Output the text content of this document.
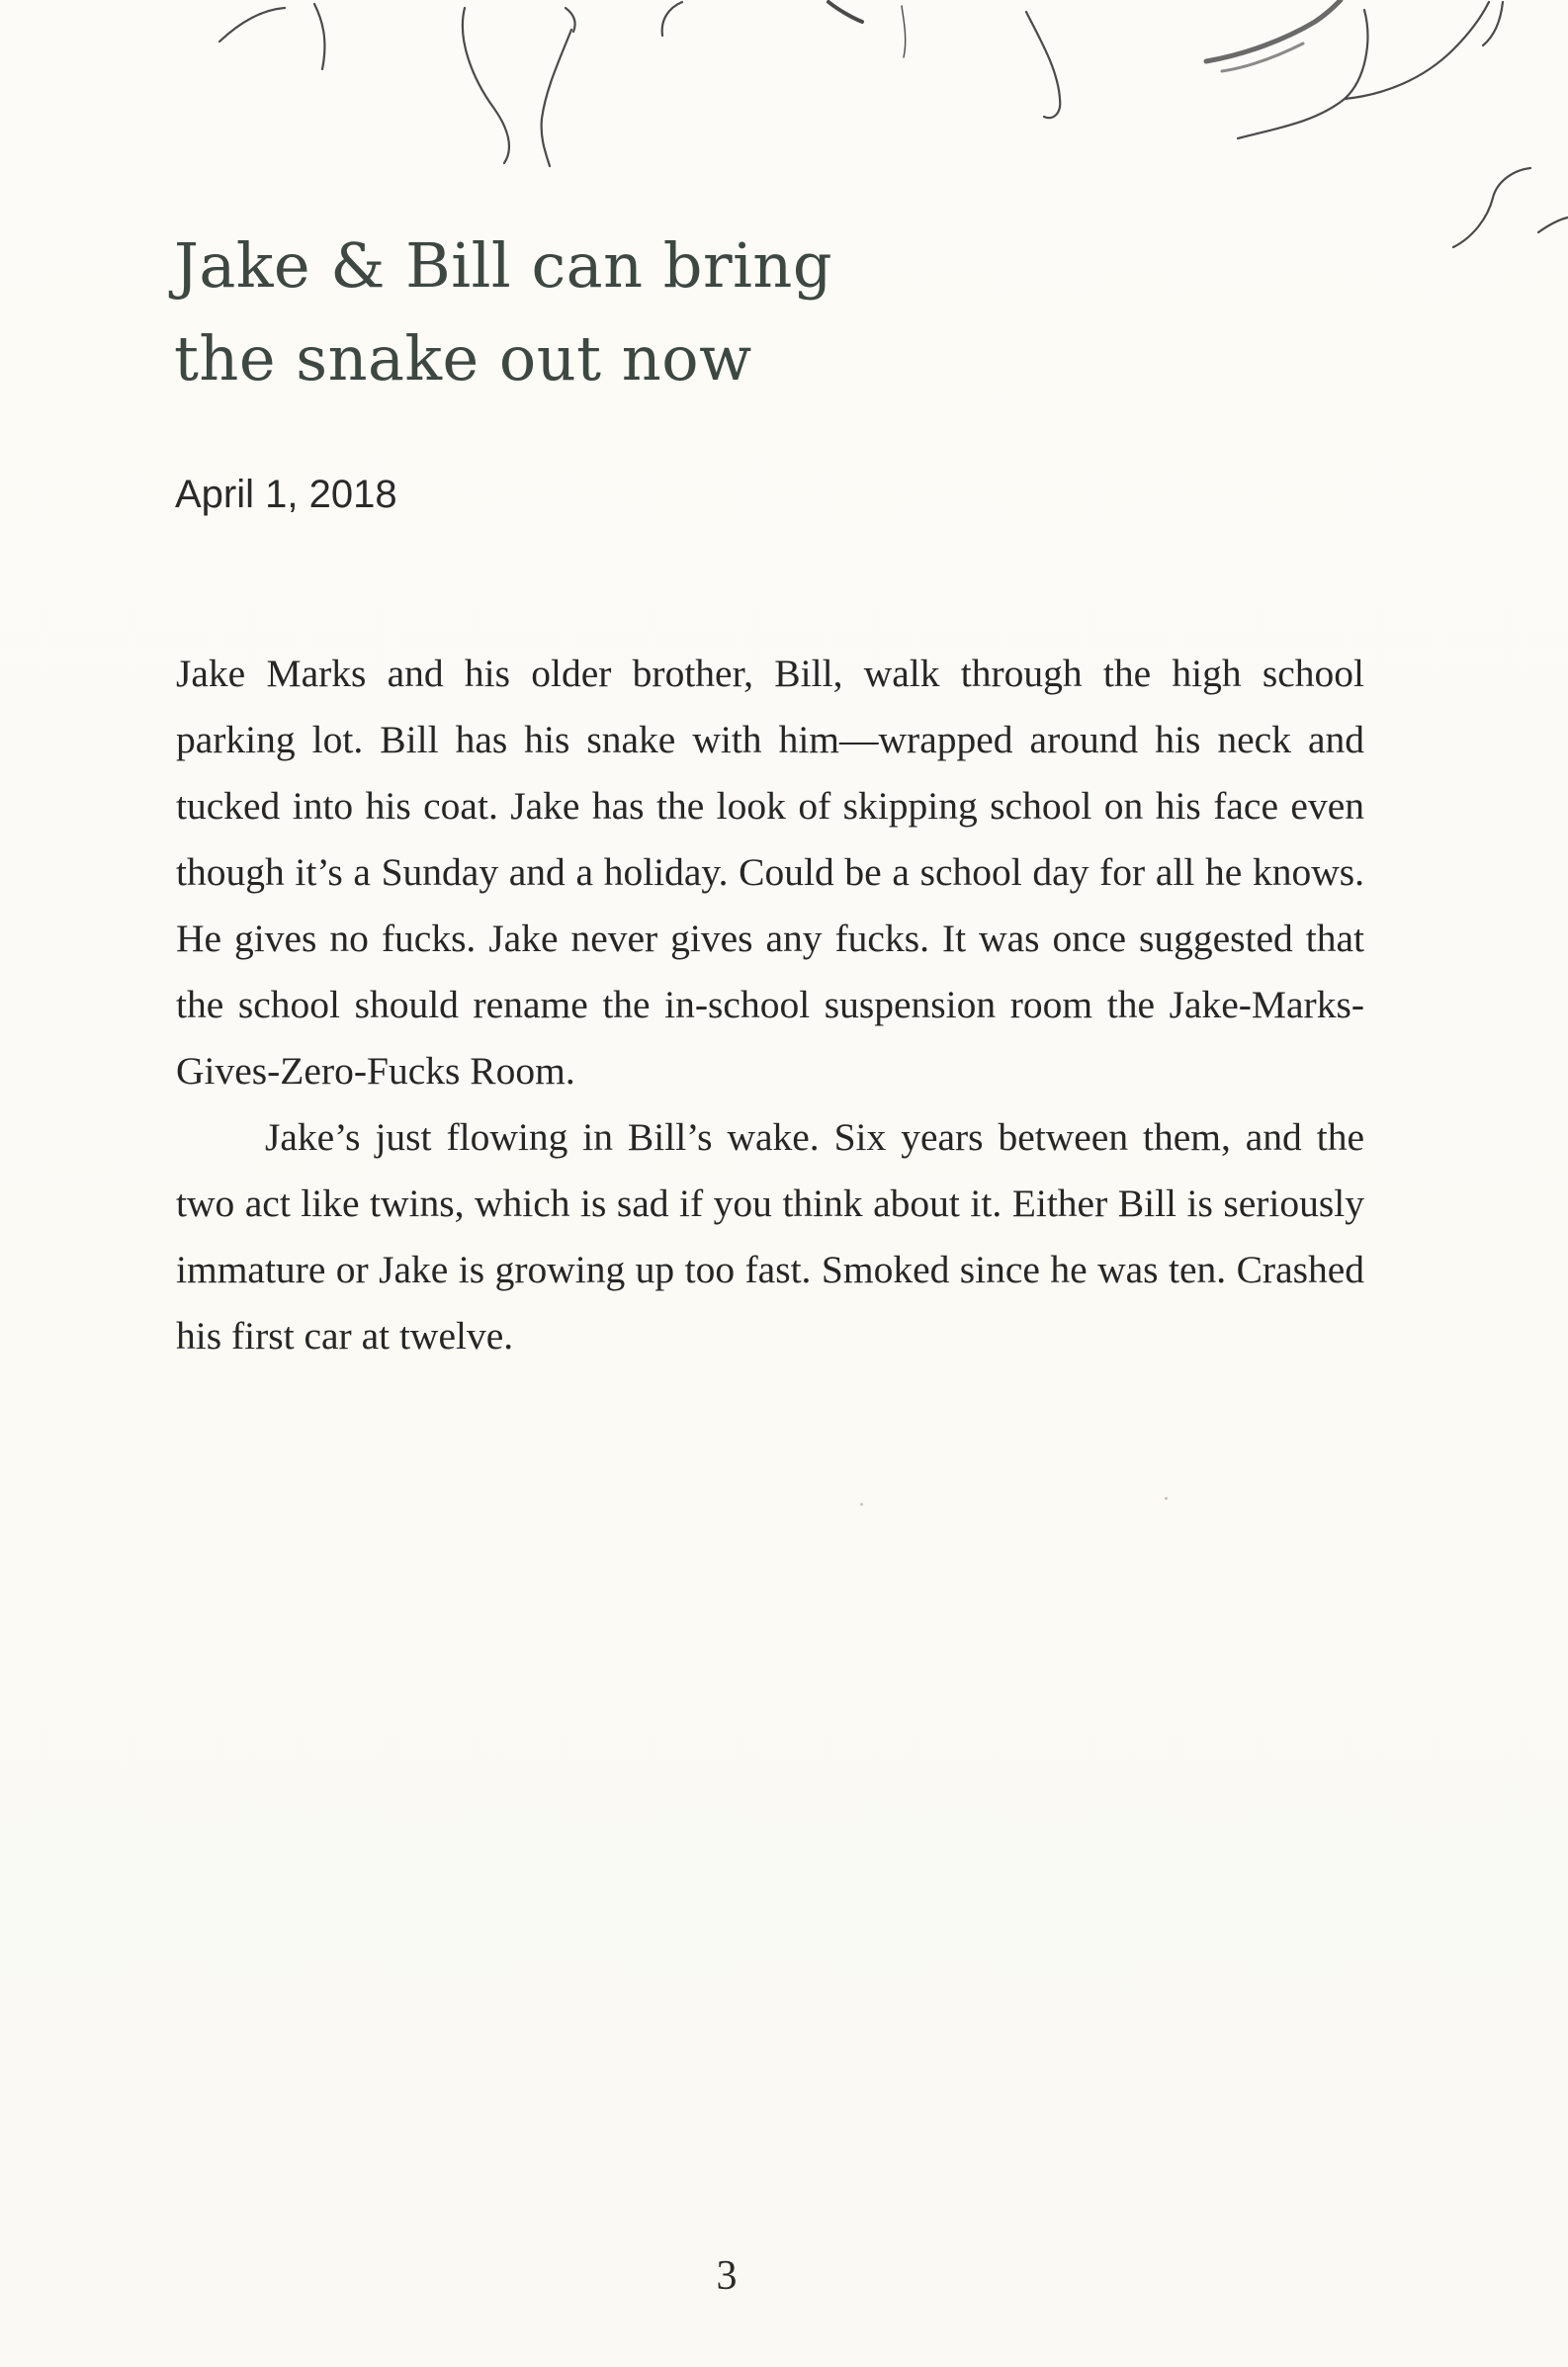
Jake & Bill can bring
the snake out now

April 1, 2018

Jake Marks and his older brother, Bill, walk through the high school parking lot. Bill has his snake with him—wrapped around his neck and tucked into his coat. Jake has the look of skipping school on his face even though it’s a Sunday and a holiday. Could be a school day for all he knows. He gives no fucks. Jake never gives any fucks. It was once suggested that the school should rename the in-school suspension room the Jake-Marks-Gives-Zero-Fucks Room.

Jake’s just flowing in Bill’s wake. Six years between them, and the two act like twins, which is sad if you think about it. Either Bill is seriously immature or Jake is growing up too fast. Smoked since he was ten. Crashed his first car at twelve.

3
